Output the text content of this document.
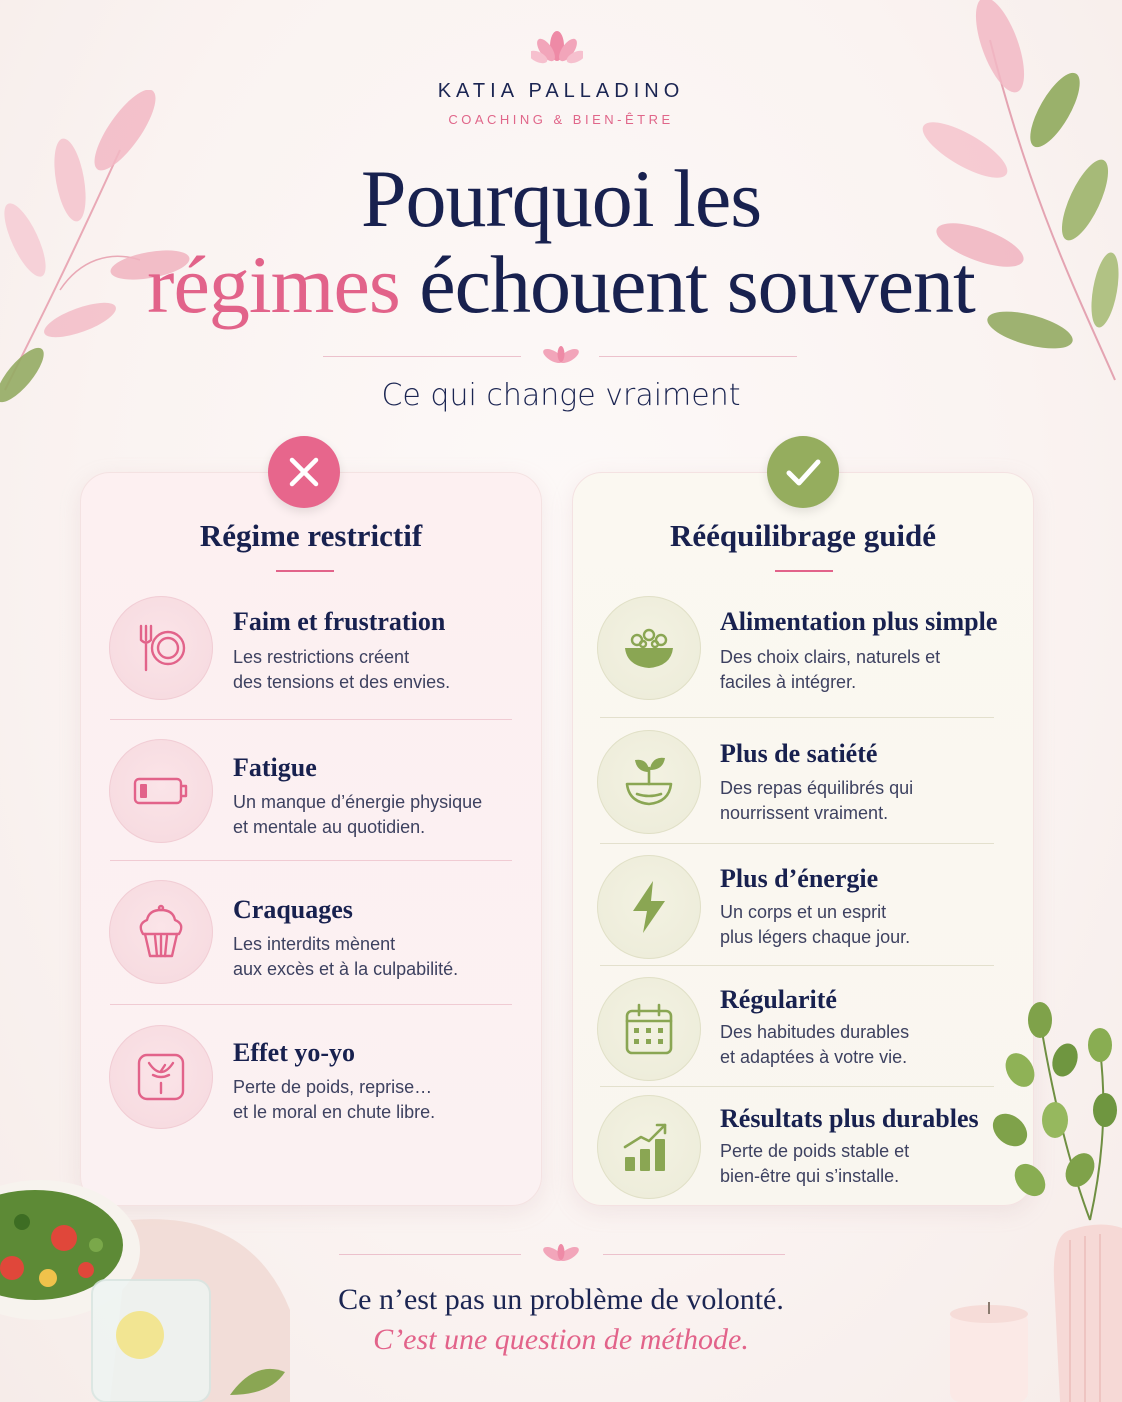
KATIA PALLADINO
COACHING & BIEN-ÊTRE
Pourquoi les
régimes échouent souvent
Ce qui change vraiment
Régime restrictif	Rééquilibrage guidé
Faim et frustration
Les restrictions créent
des tensions et des envies.
Fatigue
Un manque d’énergie physique
et mentale au quotidien.
Craquages
Les interdits mènent
aux excès et à la culpabilité.
Effet yo-yo
Perte de poids, reprise…
et le moral en chute libre.
Alimentation plus simple
Des choix clairs, naturels et
faciles à intégrer.
Plus de satiété
Des repas équilibrés qui
nourrissent vraiment.
Plus d’énergie
Un corps et un esprit
plus légers chaque jour.
Régularité
Des habitudes durables
et adaptées à votre vie.
Résultats plus durables
Perte de poids stable et
bien-être qui s’installe.
Ce n’est pas un problème de volonté.
C’est une question de méthode.
